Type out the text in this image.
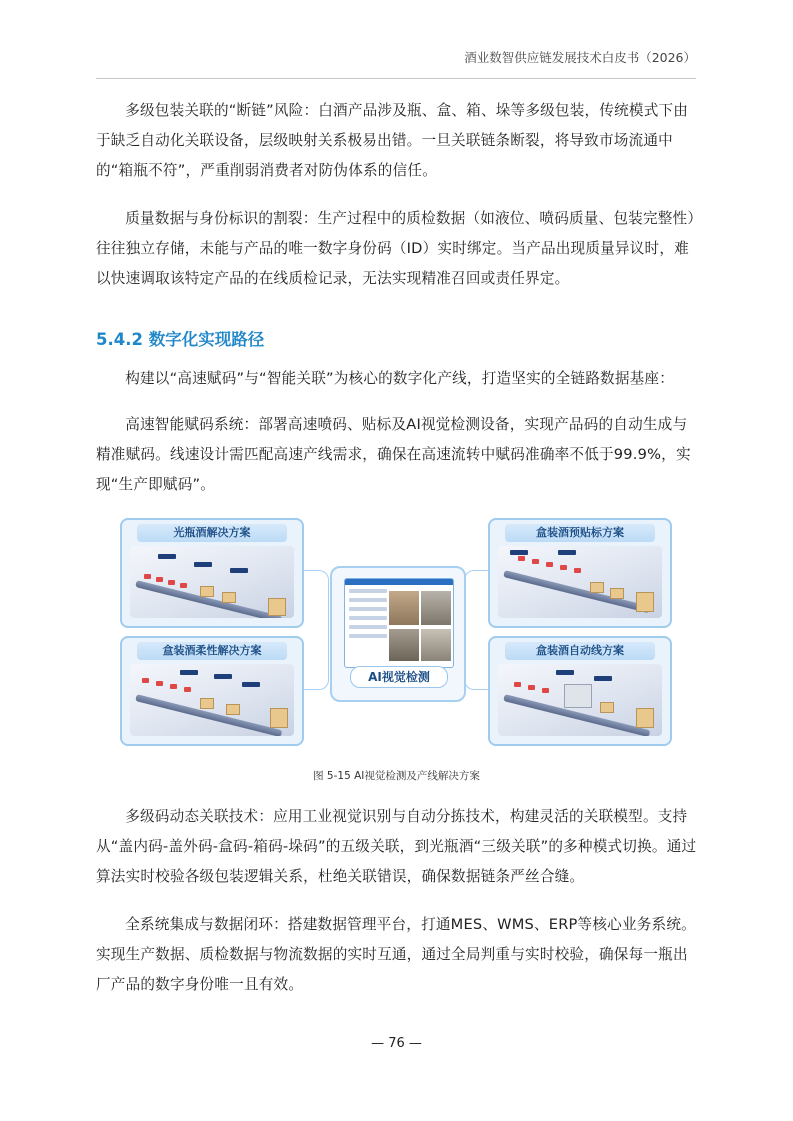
酒业数智供应链发展技术白皮书（2026）

多级包装关联的“断链”风险：白酒产品涉及瓶、盒、箱、垛等多级包装，传统模式下由于缺乏自动化关联设备，层级映射关系极易出错。一旦关联链条断裂，将导致市场流通中的“箱瓶不符”，严重削弱消费者对防伪体系的信任。

质量数据与身份标识的割裂：生产过程中的质检数据（如液位、喷码质量、包装完整性）往往独立存储，未能与产品的唯一数字身份码（ID）实时绑定。当产品出现质量异议时，难以快速调取该特定产品的在线质检记录，无法实现精准召回或责任界定。

5.4.2 数字化实现路径

构建以“高速赋码”与“智能关联”为核心的数字化产线，打造坚实的全链路数据基座：

高速智能赋码系统：部署高速喷码、贴标及AI视觉检测设备，实现产品码的自动生成与精准赋码。线速设计需匹配高速产线需求，确保在高速流转中赋码准确率不低于99.9%，实现“生产即赋码”。

光瓶酒解决方案
盒装酒柔性解决方案
AI视觉检测
盒装酒预贴标方案
盒装酒自动线方案
图 5-15 AI视觉检测及产线解决方案

多级码动态关联技术：应用工业视觉识别与自动分拣技术，构建灵活的关联模型。支持从“盖内码-盖外码-盒码-箱码-垛码”的五级关联，到光瓶酒“三级关联”的多种模式切换。通过算法实时校验各级包装逻辑关系，杜绝关联错误，确保数据链条严丝合缝。

全系统集成与数据闭环：搭建数据管理平台，打通MES、WMS、ERP等核心业务系统。实现生产数据、质检数据与物流数据的实时互通，通过全局判重与实时校验，确保每一瓶出厂产品的数字身份唯一且有效。

— 76 —
